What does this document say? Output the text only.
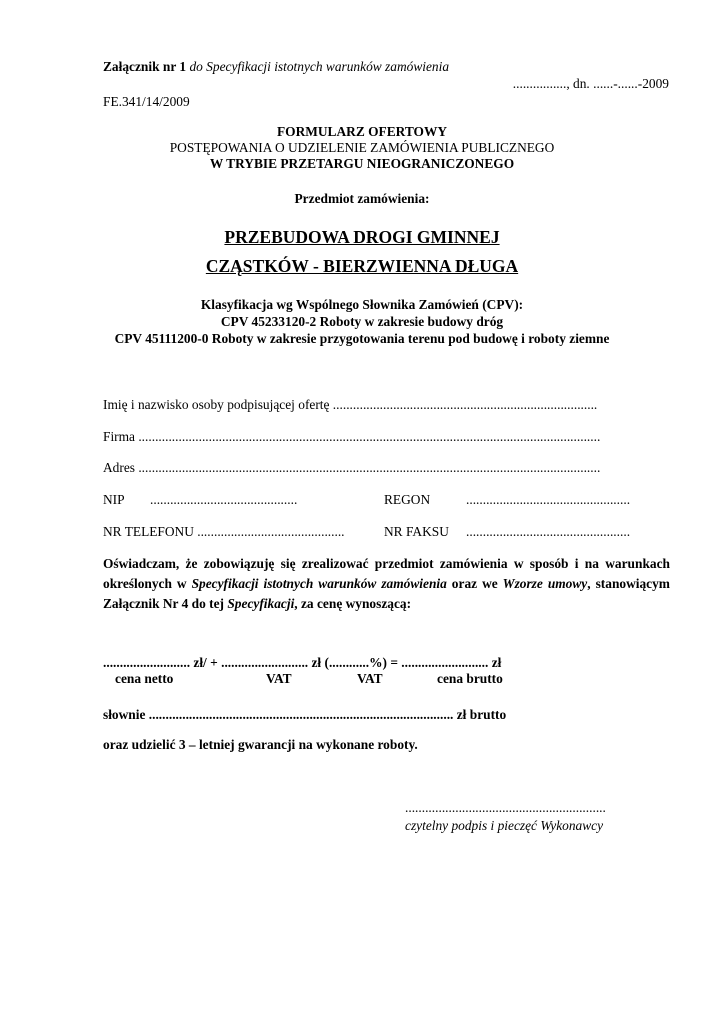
Załącznik nr 1 do Specyfikacji istotnych warunków zamówienia
................, dn. ......-......-2009
FE.341/14/2009
FORMULARZ OFERTOWY
POSTĘPOWANIA O UDZIELENIE ZAMÓWIENIA PUBLICZNEGO
W TRYBIE PRZETARGU NIEOGRANICZONEGO
Przedmiot zamówienia:
PRZEBUDOWA DROGI GMINNEJ
CZĄSTKÓW - BIERZWIENNA DŁUGA
Klasyfikacja wg Wspólnego Słownika Zamówień (CPV):
CPV 45233120-2 Roboty w zakresie budowy dróg
CPV 45111200-0 Roboty w zakresie przygotowania terenu pod budowę i roboty ziemne
Imię i nazwisko osoby podpisującej ofertę ...............................................................................
Firma ..........................................................................................................................................
Adres ..........................................................................................................................................
NIP ............................................	REGON	.................................................
NR TELEFONU ............................................	NR FAKSU .................................................
Oświadczam, że zobowiązuję się zrealizować przedmiot zamówienia w sposób i na warunkach określonych w Specyfikacji istotnych warunków zamówienia oraz we Wzorze umowy, stanowiącym Załącznik Nr 4 do tej Specyfikacji, za cenę wynoszącą:
.......................... zł/ + .......................... zł (............%) = .......................... zł
cena netto	VAT	VAT	cena brutto
słownie ........................................................................................... zł brutto
oraz udzielić 3 – letniej gwarancji na wykonane roboty.
............................................................
czytelny podpis i pieczęć Wykonawcy
